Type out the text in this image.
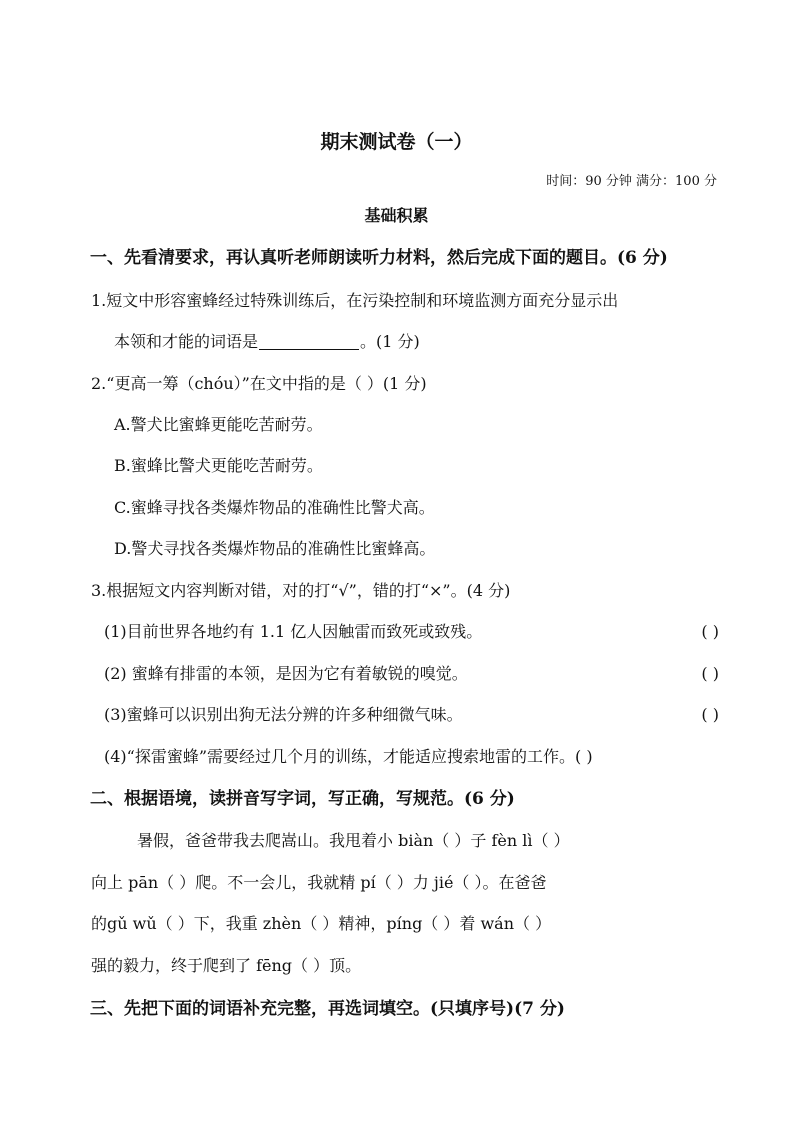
期末测试卷（一）
时间：90 分钟 满分：100 分
基础积累
一、先看清要求，再认真听老师朗读听力材料，然后完成下面的题目。(6 分)
1.短文中形容蜜蜂经过特殊训练后，在污染控制和环境监测方面充分显示出
本领和才能的词语是	。(1 分)
2.“更高一筹（chóu）”在文中指的是（ ）(1 分)
A.警犬比蜜蜂更能吃苦耐劳。
B.蜜蜂比警犬更能吃苦耐劳。
C.蜜蜂寻找各类爆炸物品的准确性比警犬高。
D.警犬寻找各类爆炸物品的准确性比蜜蜂高。
3.根据短文内容判断对错，对的打“√”，错的打“×”。(4 分)
(1)目前世界各地约有 1.1 亿人因触雷而致死或致残。	( )
(2) 蜜蜂有排雷的本领，是因为它有着敏锐的嗅觉。	( )
(3)蜜蜂可以识别出狗无法分辨的许多种细微气味。	( )
(4)“探雷蜜蜂”需要经过几个月的训练，才能适应搜索地雷的工作。( )
二、根据语境，读拼音写字词，写正确，写规范。(6 分)
暑假，爸爸带我去爬嵩山。我甩着小 biàn（ ）子 fèn lì（ ）
向上 pān（ ）爬。不一会儿，我就精 pí（ ）力 jié（ ）。在爸爸
的gǔ wǔ（ ）下，我重 zhèn（ ）精神，píng（ ）着 wán（ ）
强的毅力，终于爬到了 fēng（ ）顶。
三、先把下面的词语补充完整，再选词填空。(只填序号)(7 分)
